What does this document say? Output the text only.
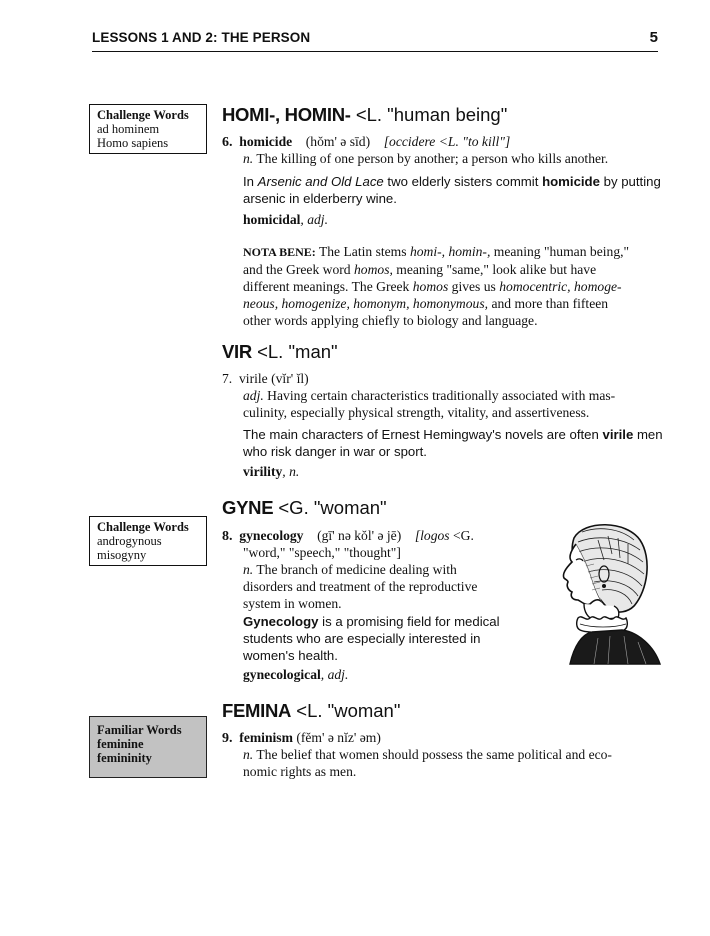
LESSONS 1 AND 2: THE PERSON	5
Challenge Words
ad hominem
Homo sapiens
Challenge Words
androgynous
misogyny
Familiar Words
feminine
femininity
HOMI-, HOMIN- <L. "human being"
6. homicide (hŏm' ə sīd) [occidere <L. "to kill"]
n. The killing of one person by another; a person who kills another.
In Arsenic and Old Lace two elderly sisters commit homicide by putting
arsenic in elderberry wine.
homicidal, adj.
NOTA BENE: The Latin stems homi-, homin-, meaning "human being,"
and the Greek word homos, meaning "same," look alike but have
different meanings. The Greek homos gives us homocentric, homoge-
neous, homogenize, homonym, homonymous, and more than fifteen
other words applying chiefly to biology and language.
VIR <L. "man"
7. virile (vĭr' ĭl)
adj. Having certain characteristics traditionally associated with mas-
culinity, especially physical strength, vitality, and assertiveness.
The main characters of Ernest Hemingway's novels are often virile men
who risk danger in war or sport.
virility, n.
GYNE <G. "woman"
8. gynecology (gī' nə kŏl' ə jē) [logos <G.
"word," "speech," "thought"]
n. The branch of medicine dealing with
disorders and treatment of the reproductive
system in women.
Gynecology is a promising field for medical
students who are especially interested in
women's health.
gynecological, adj.
FEMINA <L. "woman"
9. feminism (fĕm' ə nĭz' əm)
n. The belief that women should possess the same political and eco-
nomic rights as men.
